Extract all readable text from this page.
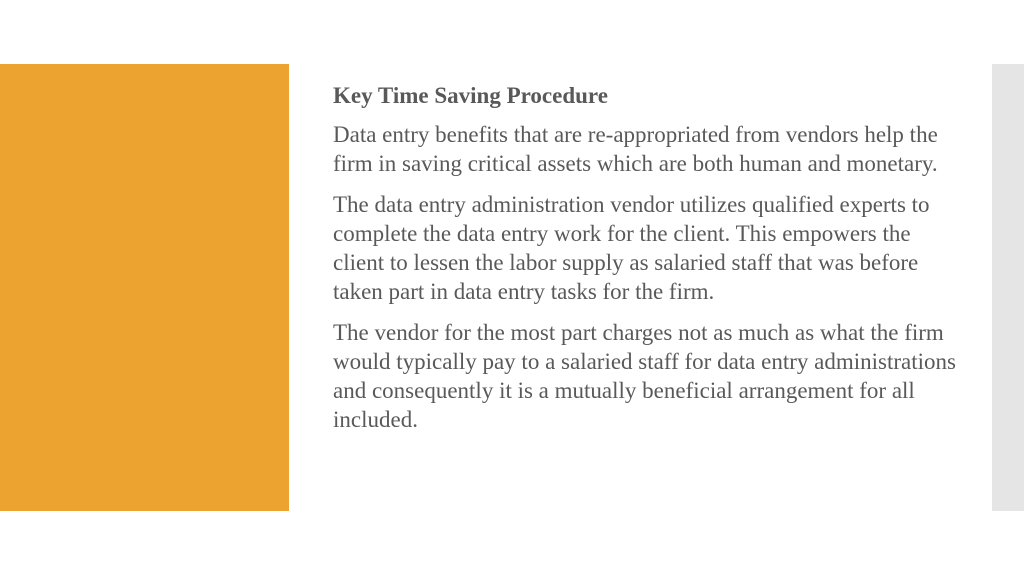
Key Time Saving Procedure

Data entry benefits that are re-appropriated from vendors help the firm in saving critical assets which are both human and monetary.

The data entry administration vendor utilizes qualified experts to complete the data entry work for the client. This empowers the client to lessen the labor supply as salaried staff that was before taken part in data entry tasks for the firm.

The vendor for the most part charges not as much as what the firm would typically pay to a salaried staff for data entry administrations and consequently it is a mutually beneficial arrangement for all included.
